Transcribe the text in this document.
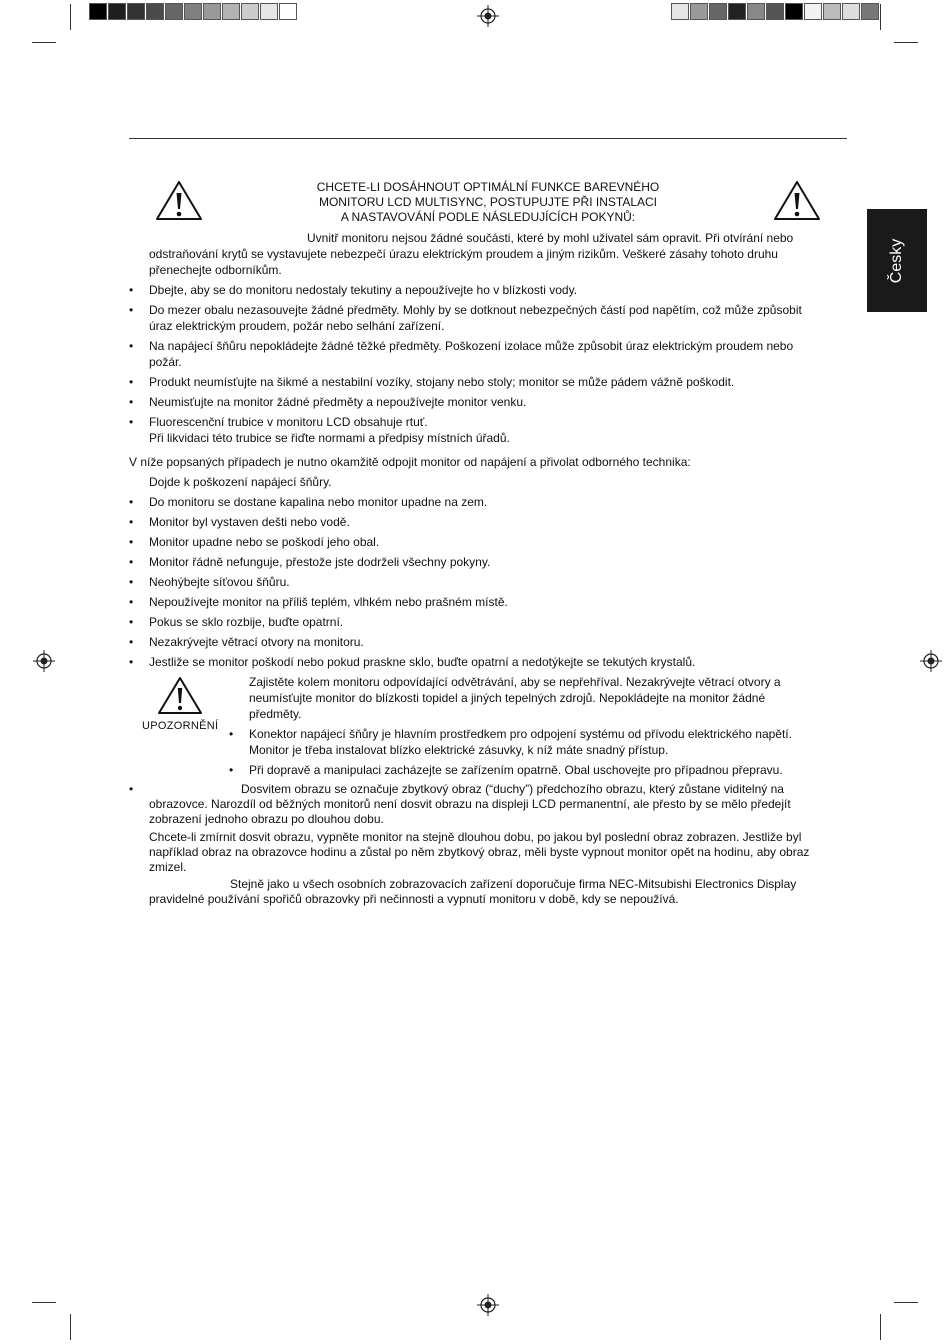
Česky
CHCETE-LI DOSÁHNOUT OPTIMÁLNÍ FUNKCE BAREVNÉHO
MONITORU LCD MULTISYNC, POSTUPUJTE PŘI INSTALACI
A NASTAVOVÁNÍ PODLE NÁSLEDUJÍCÍCH POKYNŮ:
Uvnitř monitoru nejsou žádné součásti, které by mohl uživatel sám opravit. Při otvírání nebo
odstraňování krytů se vystavujete nebezpečí úrazu elektrickým proudem a jiným rizikům. Veškeré zásahy tohoto druhu
přenechejte odborníkům.
•	Dbejte, aby se do monitoru nedostaly tekutiny a nepoužívejte ho v blízkosti vody.
•	Do mezer obalu nezasouvejte žádné předměty. Mohly by se dotknout nebezpečných částí pod napětím, což může způsobit
úraz elektrickým proudem, požár nebo selhání zařízení.
•	Na napájecí šňůru nepokládejte žádné těžké předměty. Poškození izolace může způsobit úraz elektrickým proudem nebo
požár.
•	Produkt neumísťujte na šikmé a nestabilní vozíky, stojany nebo stoly; monitor se může pádem vážně poškodit.
•	Neumisťujte na monitor žádné předměty a nepoužívejte monitor venku.
•	Fluorescenční trubice v monitoru LCD obsahuje rtuť.
Při likvidaci této trubice se řiďte normami a předpisy místních úřadů.
V níže popsaných případech je nutno okamžitě odpojit monitor od napájení a přivolat odborného technika:
Dojde k poškození napájecí šňůry.
•	Do monitoru se dostane kapalina nebo monitor upadne na zem.
•	Monitor byl vystaven dešti nebo vodě.
•	Monitor upadne nebo se poškodí jeho obal.
•	Monitor řádně nefunguje, přestože jste dodrželi všechny pokyny.
•	Neohýbejte síťovou šňůru.
•	Nepoužívejte monitor na příliš teplém, vlhkém nebo prašném místě.
•	Pokus se sklo rozbije, buďte opatrní.
•	Nezakrývejte větrací otvory na monitoru.
•	Jestliže se monitor poškodí nebo pokud praskne sklo, buďte opatrní a nedotýkejte se tekutých krystalů.
UPOZORNĚNÍ
Zajistěte kolem monitoru odpovídající odvětrávání, aby se nepřehříval. Nezakrývejte větrací otvory a
neumísťujte monitor do blízkosti topidel a jiných tepelných zdrojů. Nepokládejte na monitor žádné
předměty.
•	Konektor napájecí šňůry je hlavním prostředkem pro odpojení systému od přívodu elektrického napětí.
Monitor je třeba instalovat blízko elektrické zásuvky, k níž máte snadný přístup.
•	Při dopravě a manipulaci zacházejte se zařízením opatrně. Obal uschovejte pro případnou přepravu.
•	Dosvitem obrazu se označuje zbytkový obraz (“duchy”) předchozího obrazu, který zůstane viditelný na
obrazovce. Narozdíl od běžných monitorů není dosvit obrazu na displeji LCD permanentní, ale přesto by se mělo předejít
zobrazení jednoho obrazu po dlouhou dobu.
Chcete-li zmírnit dosvit obrazu, vypněte monitor na stejně dlouhou dobu, po jakou byl poslední obraz zobrazen. Jestliže byl
například obraz na obrazovce hodinu a zůstal po něm zbytkový obraz, měli byste vypnout monitor opět na hodinu, aby obraz
zmizel.
Stejně jako u všech osobních zobrazovacích zařízení doporučuje firma NEC-Mitsubishi Electronics Display
pravidelné používání spořičů obrazovky při nečinnosti a vypnutí monitoru v době, kdy se nepoužívá.
